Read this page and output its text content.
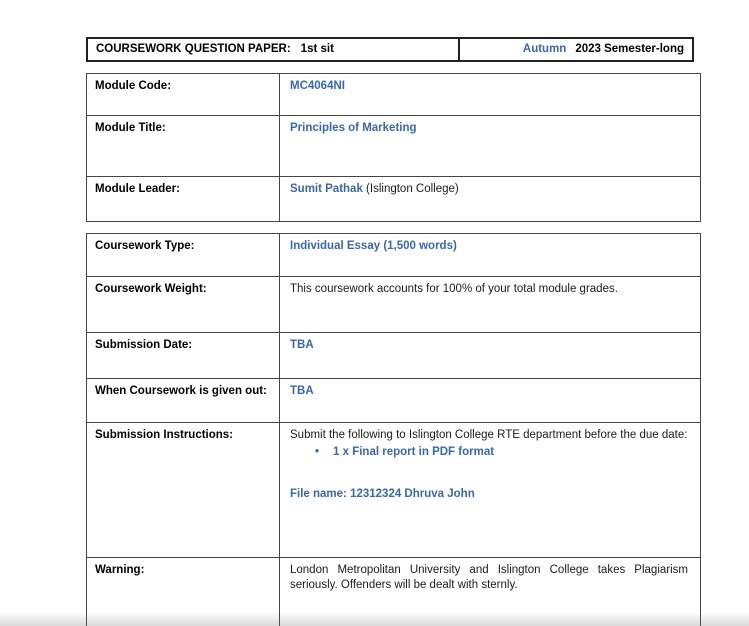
COURSEWORK QUESTION PAPER: 1st sit	Autumn 2023 Semester-long
Module Code:	MC4064NI
Module Title:	Principles of Marketing
Module Leader:	Sumit Pathak (Islington College)
Coursework Type:	Individual Essay (1,500 words)
Coursework Weight:	This coursework accounts for 100% of your total module grades.
Submission Date:	TBA
When Coursework is given out:	TBA
Submission Instructions:	Submit the following to Islington College RTE department before the due date:
• 1 x Final report in PDF format
File name: 12312324 Dhruva John

Warning:	London Metropolitan University and Islington College takes Plagiarism seriously. Offenders will be dealt with sternly.
